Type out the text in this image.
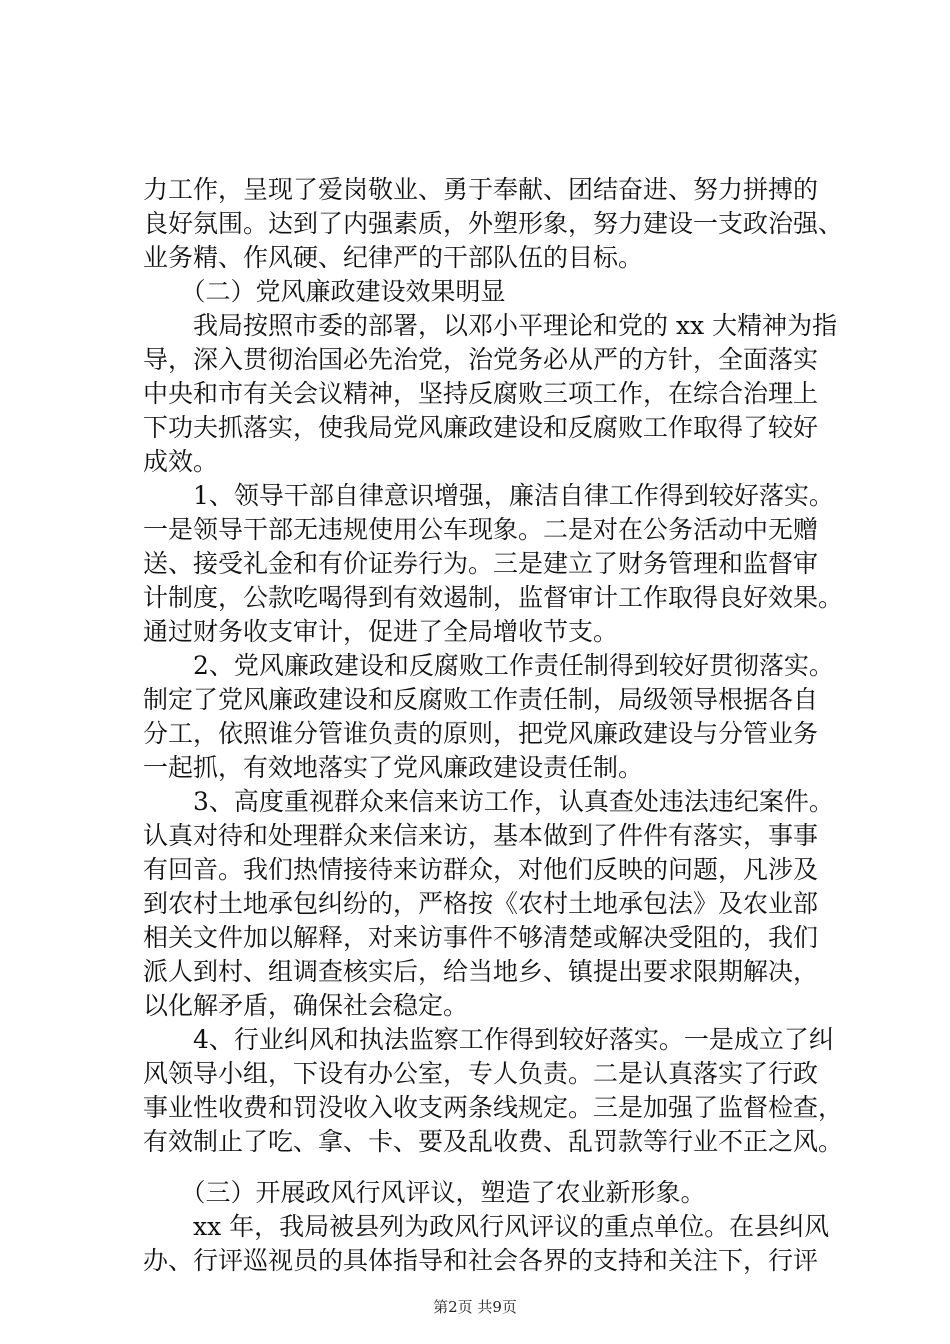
力工作，呈现了爱岗敬业、勇于奉献、团结奋进、努力拼搏的
良好氛围。达到了内强素质，外塑形象，努力建设一支政治强、
业务精、作风硬、纪律严的干部队伍的目标。
　　（二）党风廉政建设效果明显
　　我局按照市委的部署，以邓小平理论和党的 xx 大精神为指
导，深入贯彻治国必先治党，治党务必从严的方针，全面落实
中央和市有关会议精神，坚持反腐败三项工作，在综合治理上
下功夫抓落实，使我局党风廉政建设和反腐败工作取得了较好
成效。
　　1、领导干部自律意识增强，廉洁自律工作得到较好落实。
一是领导干部无违规使用公车现象。二是对在公务活动中无赠
送、接受礼金和有价证券行为。三是建立了财务管理和监督审
计制度，公款吃喝得到有效遏制，监督审计工作取得良好效果。
通过财务收支审计，促进了全局增收节支。
　　2、党风廉政建设和反腐败工作责任制得到较好贯彻落实。
制定了党风廉政建设和反腐败工作责任制，局级领导根据各自
分工，依照谁分管谁负责的原则，把党风廉政建设与分管业务
一起抓，有效地落实了党风廉政建设责任制。
　　3、高度重视群众来信来访工作，认真查处违法违纪案件。
认真对待和处理群众来信来访，基本做到了件件有落实，事事
有回音。我们热情接待来访群众，对他们反映的问题，凡涉及
到农村土地承包纠纷的，严格按《农村土地承包法》及农业部
相关文件加以解释，对来访事件不够清楚或解决受阻的，我们
派人到村、组调查核实后，给当地乡、镇提出要求限期解决，
以化解矛盾，确保社会稳定。
　　4、行业纠风和执法监察工作得到较好落实。一是成立了纠
风领导小组，下设有办公室，专人负责。二是认真落实了行政
事业性收费和罚没收入收支两条线规定。三是加强了监督检查，
有效制止了吃、拿、卡、要及乱收费、乱罚款等行业不正之风。
　　（三）开展政风行风评议，塑造了农业新形象。
　　xx 年，我局被县列为政风行风评议的重点单位。在县纠风
办、行评巡视员的具体指导和社会各界的支持和关注下，行评
第2页 共9页
